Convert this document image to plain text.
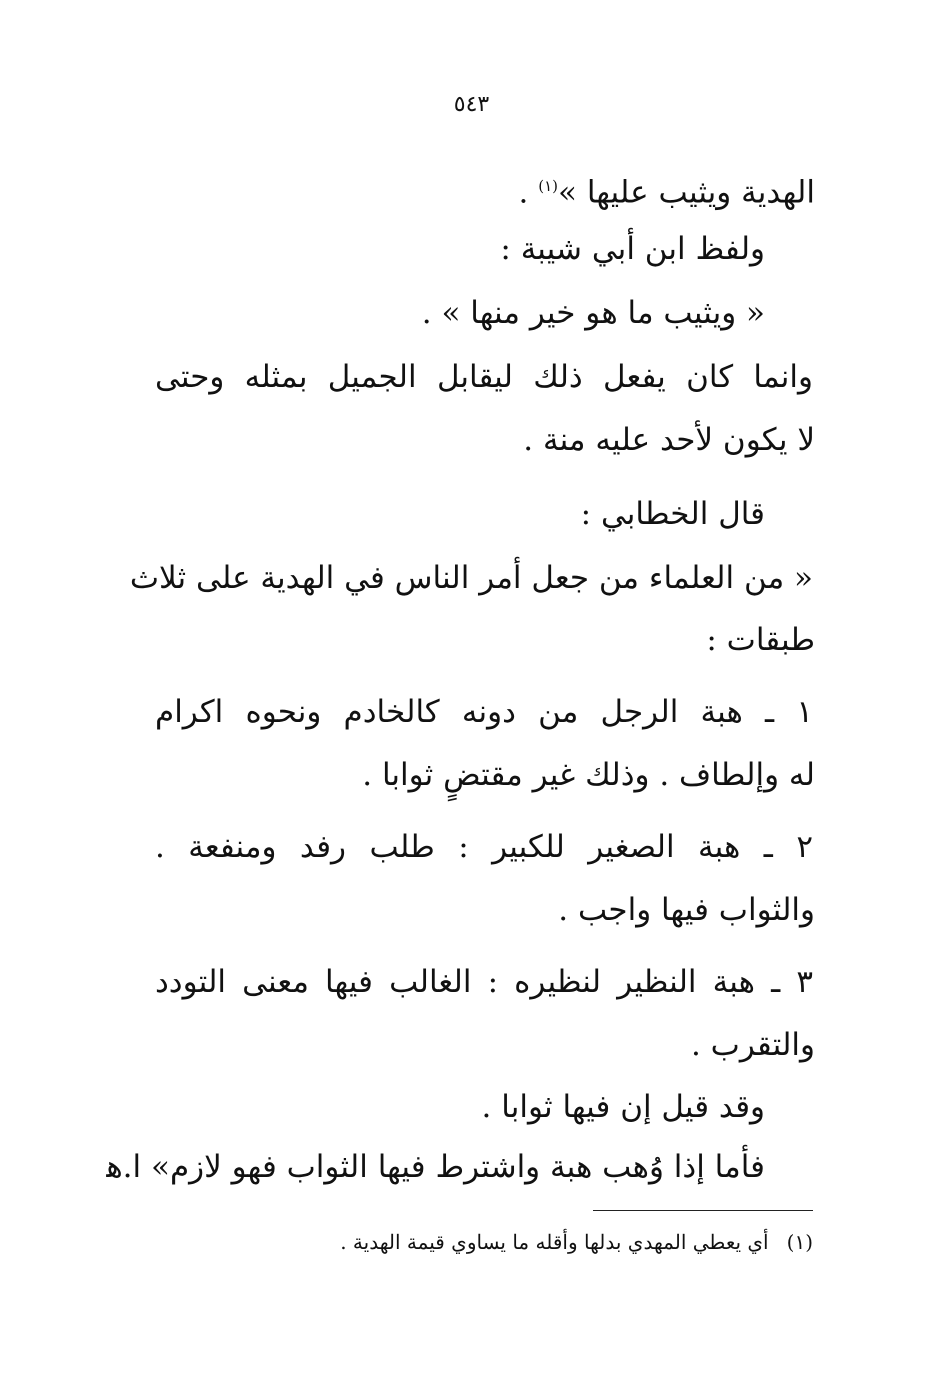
٥٤٣
الهدية ويثيب عليها »$^{(١)}$ .
ولفظ ابن أبي شيبة :
« ويثيب ما هو خير منها » .
وانما كان يفعل ذلك ليقابل الجميل بمثله وحتى
لا يكون لأحد عليه منة .
قال الخطابي :
« من العلماء من جعل أمر الناس في الهدية على ثلاث
طبقات :
١ ـ هبة الرجل من دونه كالخادم ونحوه اكرام
له وإلطاف . وذلك غير مقتضٍ ثوابا .
٢ ـ هبة الصغير للكبير : طلب رفد ومنفعة .
والثواب فيها واجب .
٣ ـ هبة النظير لنظيره : الغالب فيها معنى التودد
والتقرب .
وقد قيل إن فيها ثوابا .
فأما إذا وُهب هبة واشترط فيها الثواب فهو لازم» ا.ﻫ
(١)أي يعطي المهدي بدلها وأقله ما يساوي قيمة الهدية .
